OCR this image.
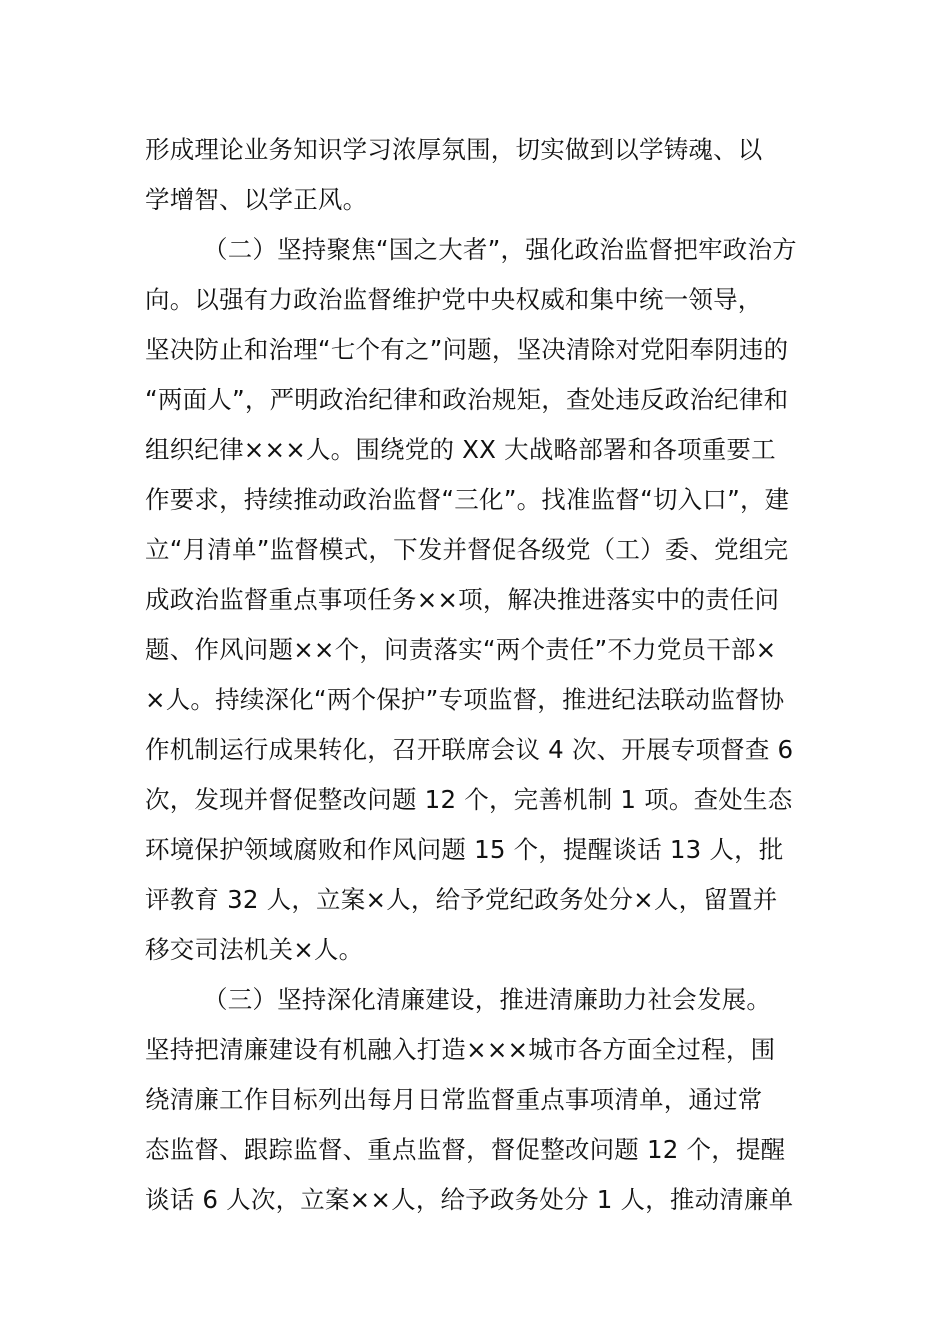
形成理论业务知识学习浓厚氛围，切实做到以学铸魂、以
学增智、以学正风。
（二）坚持聚焦“国之大者”，强化政治监督把牢政治方
向。以强有力政治监督维护党中央权威和集中统一领导，
坚决防止和治理“七个有之”问题，坚决清除对党阳奉阴违的
“两面人”，严明政治纪律和政治规矩，查处违反政治纪律和
组织纪律×××人。围绕党的 XX 大战略部署和各项重要工
作要求，持续推动政治监督“三化”。找准监督“切入口”，建
立“月清单”监督模式，下发并督促各级党（工）委、党组完
成政治监督重点事项任务××项，解决推进落实中的责任问
题、作风问题××个，问责落实“两个责任”不力党员干部×
×人。持续深化“两个保护”专项监督，推进纪法联动监督协
作机制运行成果转化，召开联席会议 4 次、开展专项督查 6
次，发现并督促整改问题 12 个，完善机制 1 项。查处生态
环境保护领域腐败和作风问题 15 个，提醒谈话 13 人，批
评教育 32 人，立案×人，给予党纪政务处分×人，留置并
移交司法机关×人。
（三）坚持深化清廉建设，推进清廉助力社会发展。
坚持把清廉建设有机融入打造×××城市各方面全过程，围
绕清廉工作目标列出每月日常监督重点事项清单，通过常
态监督、跟踪监督、重点监督，督促整改问题 12 个，提醒
谈话 6 人次，立案××人，给予政务处分 1 人，推动清廉单
